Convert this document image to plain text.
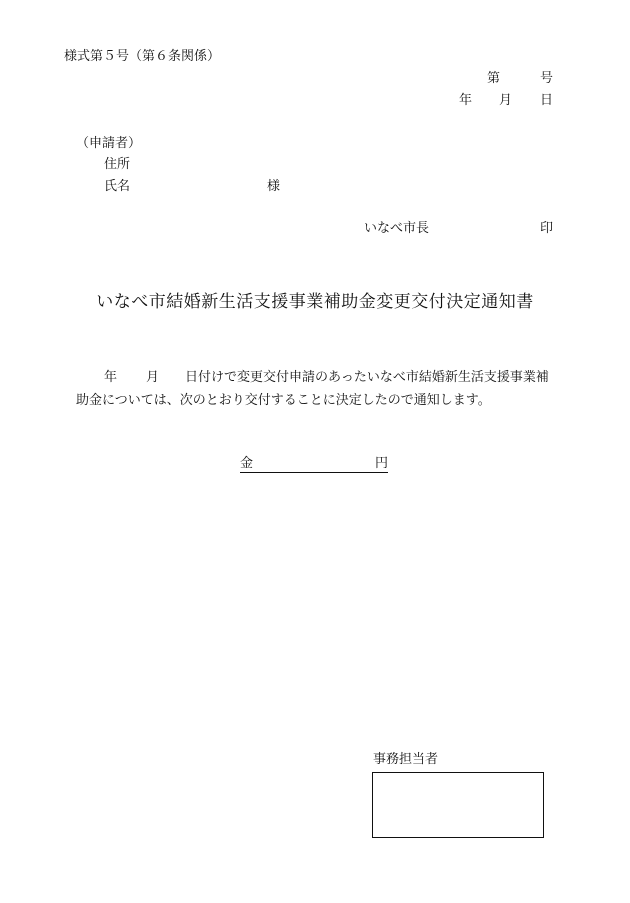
様式第５号（第６条関係）
第	号
年 月 日
（申請者）
住所
氏名	様
いなべ市長	印
いなべ市結婚新生活支援事業補助金変更交付決定通知書
年 月 日付けで変更交付申請のあったいなべ市結婚新生活支援事業補
助金については、次のとおり交付することに決定したので通知します。
金	円

事務担当者
